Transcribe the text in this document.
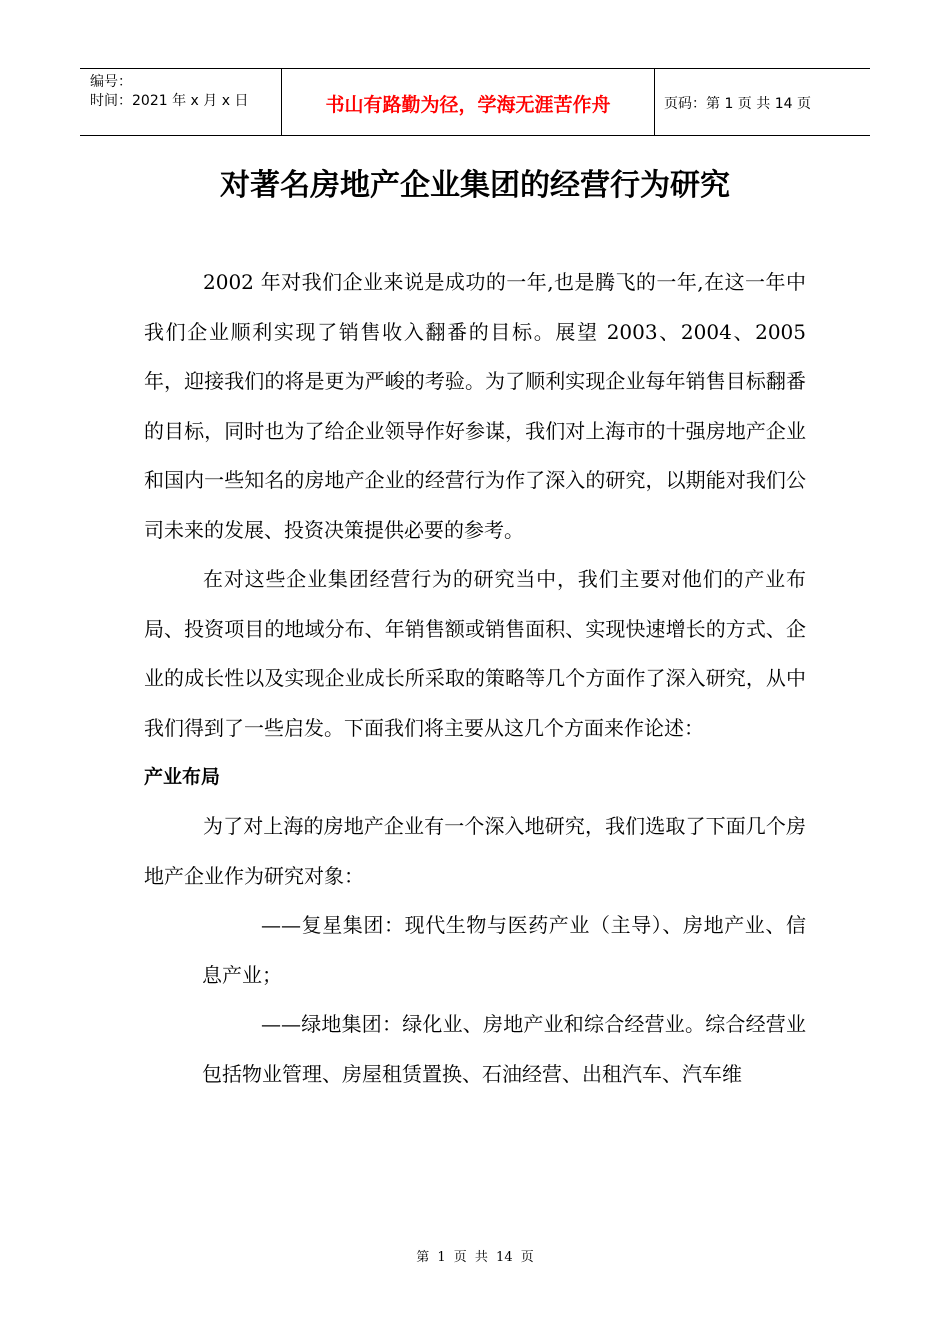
编号：
时间：2021 年 x 月 x 日	书山有路勤为径，学海无涯苦作舟	页码：第 1 页 共 14 页
对著名房地产企业集团的经营行为研究

2002 年对我们企业来说是成功的一年,也是腾飞的一年,在这一年中我们企业顺利实现了销售收入翻番的目标。展望 2003、2004、2005 年，迎接我们的将是更为严峻的考验。为了顺利实现企业每年销售目标翻番的目标，同时也为了给企业领导作好参谋，我们对上海市的十强房地产企业和国内一些知名的房地产企业的经营行为作了深入的研究，以期能对我们公司未来的发展、投资决策提供必要的参考。

在对这些企业集团经营行为的研究当中，我们主要对他们的产业布局、投资项目的地域分布、年销售额或销售面积、实现快速增长的方式、企业的成长性以及实现企业成长所采取的策略等几个方面作了深入研究，从中我们得到了一些启发。下面我们将主要从这几个方面来作论述：

产业布局

为了对上海的房地产企业有一个深入地研究，我们选取了下面几个房地产企业作为研究对象：

——复星集团：现代生物与医药产业（主导）、房地产业、信息产业；

——绿地集团：绿化业、房地产业和综合经营业。综合经营业包括物业管理、房屋租赁置换、石油经营、出租汽车、汽车维

第 1 页 共 14 页
